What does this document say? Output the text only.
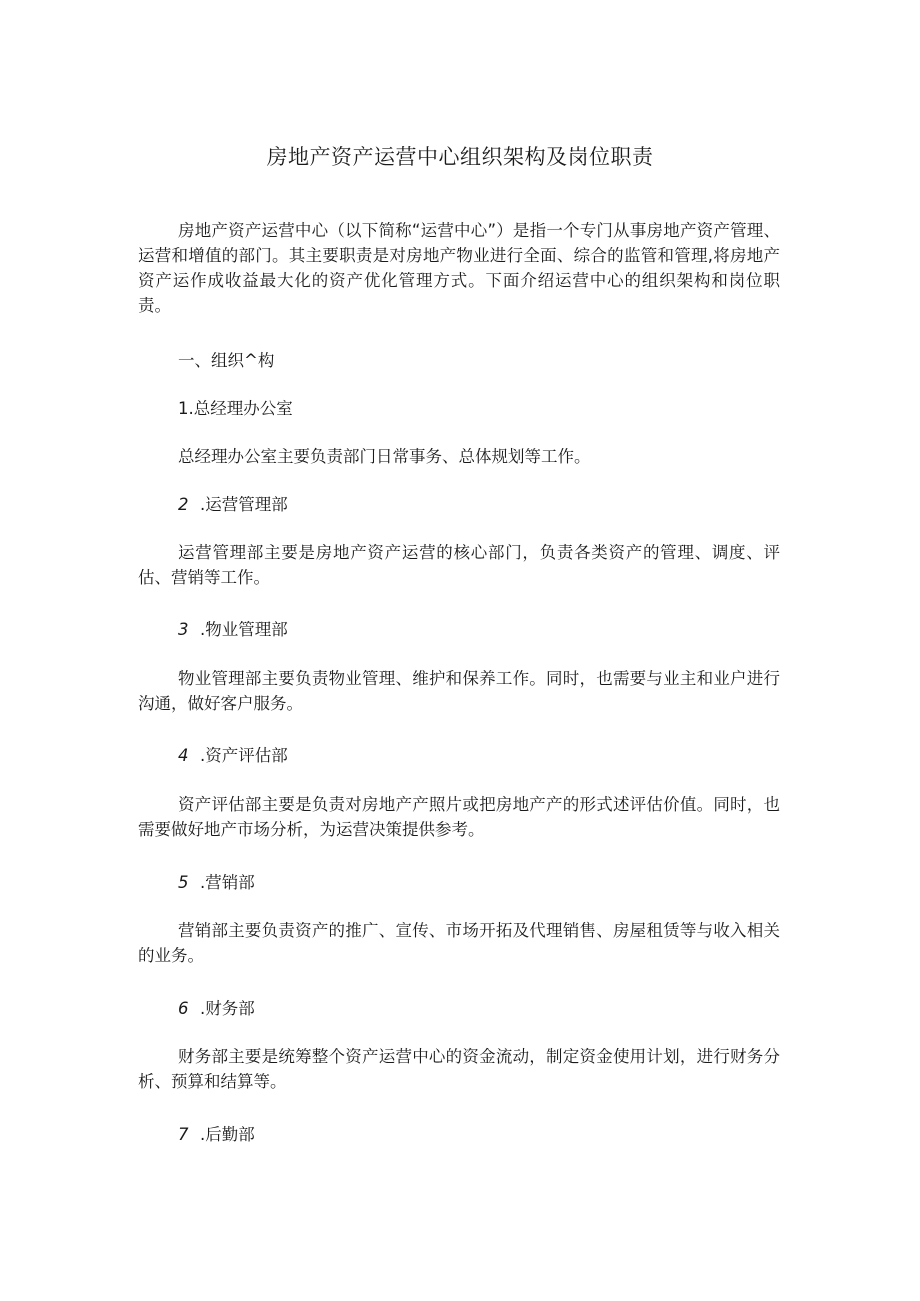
房地产资产运营中心组织架构及岗位职责

房地产资产运营中心（以下简称“运营中心”）是指一个专门从事房地产资产管理、运营和增值的部门。其主要职责是对房地产物业进行全面、综合的监管和管理,将房地产资产运作成收益最大化的资产优化管理方式。下面介绍运营中心的组织架构和岗位职责。

一、组织^构

1.总经理办公室

总经理办公室主要负责部门日常事务、总体规划等工作。

2 .运营管理部

运营管理部主要是房地产资产运营的核心部门，负责各类资产的管理、调度、评估、营销等工作。

3 .物业管理部

物业管理部主要负责物业管理、维护和保养工作。同时，也需要与业主和业户进行沟通，做好客户服务。

4 .资产评估部

资产评估部主要是负责对房地产产照片或把房地产产的形式述评估价值。同时，也需要做好地产市场分析，为运营决策提供参考。

5 .营销部

营销部主要负责资产的推广、宣传、市场开拓及代理销售、房屋租赁等与收入相关的业务。

6 .财务部

财务部主要是统筹整个资产运营中心的资金流动，制定资金使用计划，进行财务分析、预算和结算等。

7 .后勤部
